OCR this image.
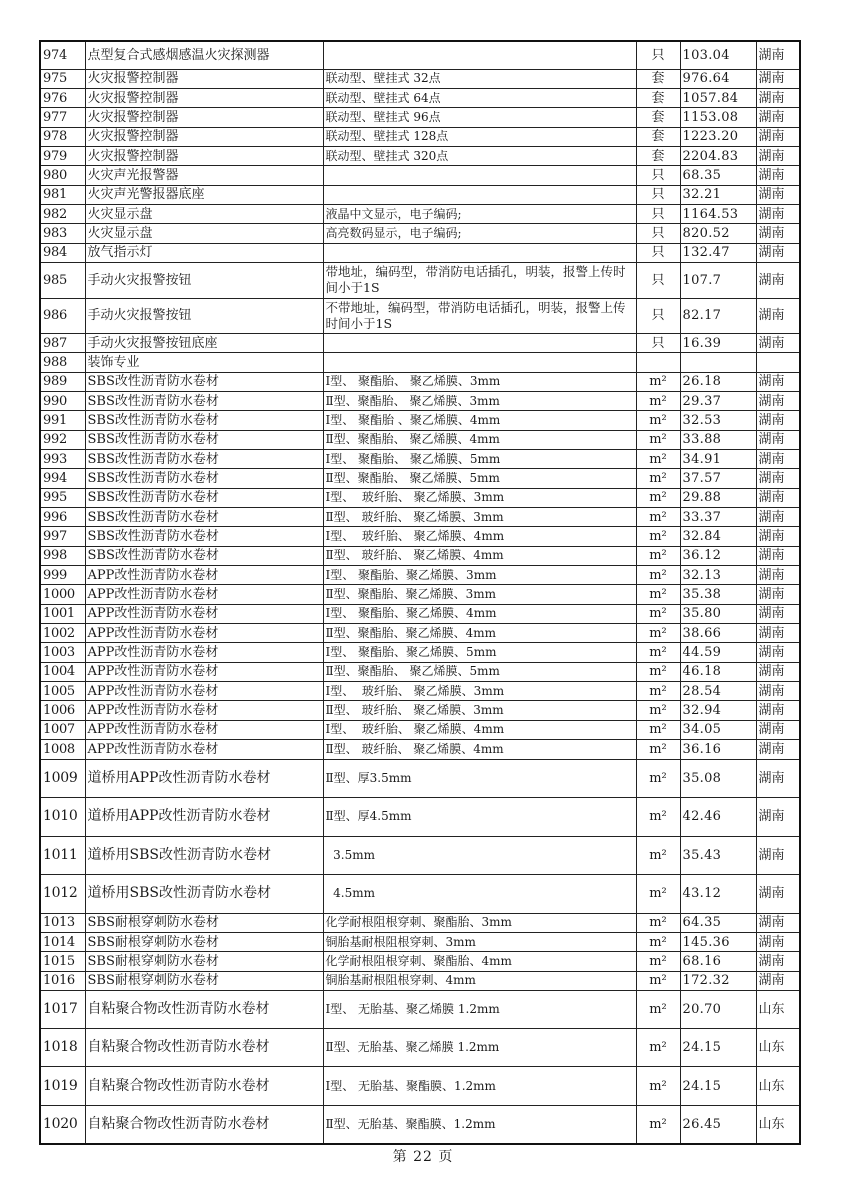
974	点型复合式感烟感温火灾探测器		只	103.04	湖南
975	火灾报警控制器	联动型、壁挂式 32点	套	976.64	湖南
976	火灾报警控制器	联动型、壁挂式 64点	套	1057.84	湖南
977	火灾报警控制器	联动型、壁挂式 96点	套	1153.08	湖南
978	火灾报警控制器	联动型、壁挂式 128点	套	1223.20	湖南
979	火灾报警控制器	联动型、壁挂式 320点	套	2204.83	湖南
980	火灾声光报警器		只	68.35	湖南
981	火灾声光警报器底座		只	32.21	湖南
982	火灾显示盘	液晶中文显示，电子编码;	只	1164.53	湖南
983	火灾显示盘	高亮数码显示，电子编码;	只	820.52	湖南
984	放气指示灯		只	132.47	湖南
985	手动火灾报警按钮	带地址，编码型，带消防电话插孔，明装，报警上传时间小于1S	只	107.7	湖南
986	手动火灾报警按钮	不带地址，编码型，带消防电话插孔，明装，报警上传时间小于1S	只	82.17	湖南
987	手动火灾报警按钮底座		只	16.39	湖南
988	装饰专业				
989	SBS改性沥青防水卷材	I型、 聚酯胎、 聚乙烯膜、3mm	m²	26.18	湖南
990	SBS改性沥青防水卷材	Ⅱ型、聚酯胎、 聚乙烯膜、3mm	m²	29.37	湖南
991	SBS改性沥青防水卷材	I型、 聚酯胎 、聚乙烯膜、4mm	m²	32.53	湖南
992	SBS改性沥青防水卷材	Ⅱ型、聚酯胎、 聚乙烯膜、4mm	m²	33.88	湖南
993	SBS改性沥青防水卷材	I型、 聚酯胎、 聚乙烯膜、5mm	m²	34.91	湖南
994	SBS改性沥青防水卷材	Ⅱ型、聚酯胎、 聚乙烯膜、5mm	m²	37.57	湖南
995	SBS改性沥青防水卷材	I型、  玻纤胎、 聚乙烯膜、3mm	m²	29.88	湖南
996	SBS改性沥青防水卷材	Ⅱ型、 玻纤胎、 聚乙烯膜、3mm	m²	33.37	湖南
997	SBS改性沥青防水卷材	I型、  玻纤胎、 聚乙烯膜、4mm	m²	32.84	湖南
998	SBS改性沥青防水卷材	Ⅱ型、 玻纤胎、 聚乙烯膜、4mm	m²	36.12	湖南
999	APP改性沥青防水卷材	I型、 聚酯胎、聚乙烯膜、3mm	m²	32.13	湖南
1000	APP改性沥青防水卷材	Ⅱ型、聚酯胎、聚乙烯膜、3mm	m²	35.38	湖南
1001	APP改性沥青防水卷材	I型、 聚酯胎、聚乙烯膜、4mm	m²	35.80	湖南
1002	APP改性沥青防水卷材	Ⅱ型、聚酯胎、聚乙烯膜、4mm	m²	38.66	湖南
1003	APP改性沥青防水卷材	I型、 聚酯胎、聚乙烯膜、5mm	m²	44.59	湖南
1004	APP改性沥青防水卷材	Ⅱ型、聚酯胎、 聚乙烯膜、5mm	m²	46.18	湖南
1005	APP改性沥青防水卷材	I型、  玻纤胎、 聚乙烯膜、3mm	m²	28.54	湖南
1006	APP改性沥青防水卷材	Ⅱ型、 玻纤胎、 聚乙烯膜、3mm	m²	32.94	湖南
1007	APP改性沥青防水卷材	I型、  玻纤胎、 聚乙烯膜、4mm	m²	34.05	湖南
1008	APP改性沥青防水卷材	Ⅱ型、 玻纤胎、 聚乙烯膜、4mm	m²	36.16	湖南
1009	道桥用APP改性沥青防水卷材	Ⅱ型、厚3.5mm	m²	35.08	湖南
1010	道桥用APP改性沥青防水卷材	Ⅱ型、厚4.5mm	m²	42.46	湖南
1011	道桥用SBS改性沥青防水卷材	3.5mm	m²	35.43	湖南
1012	道桥用SBS改性沥青防水卷材	4.5mm	m²	43.12	湖南
1013	SBS耐根穿刺防水卷材	化学耐根阻根穿刺、聚酯胎、3mm	m²	64.35	湖南
1014	SBS耐根穿刺防水卷材	铜胎基耐根阻根穿刺、3mm	m²	145.36	湖南
1015	SBS耐根穿刺防水卷材	化学耐根阻根穿刺、聚酯胎、4mm	m²	68.16	湖南
1016	SBS耐根穿刺防水卷材	铜胎基耐根阻根穿刺、4mm	m²	172.32	湖南
1017	自粘聚合物改性沥青防水卷材	I型、 无胎基、聚乙烯膜 1.2mm	m²	20.70	山东
1018	自粘聚合物改性沥青防水卷材	Ⅱ型、无胎基、聚乙烯膜 1.2mm	m²	24.15	山东
1019	自粘聚合物改性沥青防水卷材	I型、 无胎基、聚酯膜、1.2mm	m²	24.15	山东
1020	自粘聚合物改性沥青防水卷材	Ⅱ型、无胎基、聚酯膜、1.2mm	m²	26.45	山东
第 22 页
